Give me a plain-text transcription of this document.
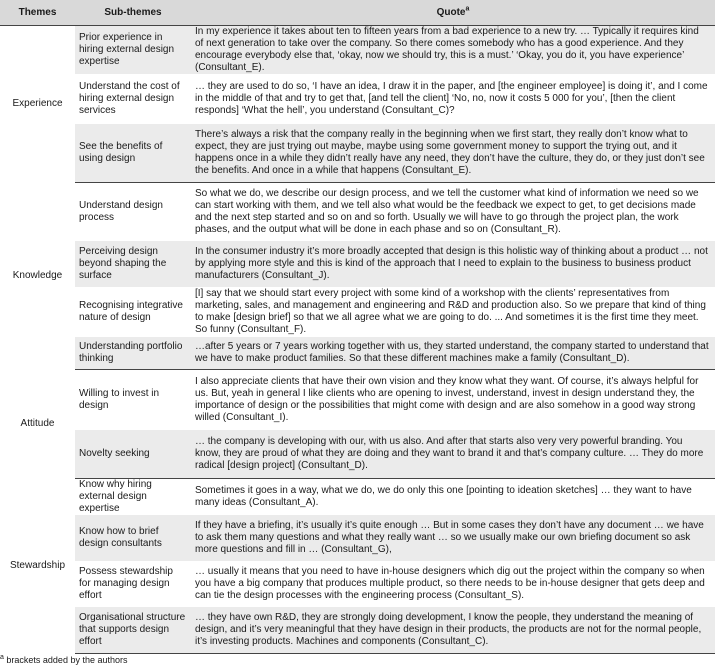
Themes	Sub-themes	Quote$^a$
Experience	Prior experience in hiring external design expertise	In my experience it takes about ten to fifteen years from a bad experience to a new try. … Typically it requires kind of next generation to take over the company. So there comes somebody who has a good experience. And they encourage everybody else that, ‘okay, now we should try, this is a must.’ ‘Okay, you do it, you have experience’ (Consultant_E).

Understand the cost of hiring external design services	… they are used to do so, ‘I have an idea, I draw it in the paper, and [the engineer employee] is doing it’, and I come in the middle of that and try to get that, [and tell the client] ‘No, no, now it costs 5 000 for you’, [then the client responds] ‘What the hell’, you understand (Consultant_C)?

See the benefits of using design	There’s always a risk that the company really in the beginning when we first start, they really don’t know what to expect, they are just trying out maybe, maybe using some government money to support the trying out, and it happens once in a while they didn’t really have any need, they don’t have the culture, they do, or they just don’t see the benefits. And once in a while that happens (Consultant_E).

Knowledge	Understand design process	So what we do, we describe our design process, and we tell the customer what kind of information we need so we can start working with them, and we tell also what would be the feedback we expect to get, to get decisions made and the next step started and so on and so forth. Usually we will have to go through the project plan, the work phases, and the output what will be done in each phase and so on (Consultant_R).

Perceiving design beyond shaping the surface	In the consumer industry it’s more broadly accepted that design is this holistic way of thinking about a product … not by applying more style and this is kind of the approach that I need to explain to the business to business product manufacturers (Consultant_J).

Recognising integrative nature of design	[I] say that we should start every project with some kind of a workshop with the clients’ representatives from marketing, sales, and management and engineering and R&D and production also. So we prepare that kind of thing to make [design brief] so that we all agree what we are going to do. ... And sometimes it is the first time they meet. So funny (Consultant_F).

Understanding portfolio thinking	…after 5 years or 7 years working together with us, they started understand, the company started to understand that we have to make product families. So that these different machines make a family (Consultant_D).

Attitude	Willing to invest in design	I also appreciate clients that have their own vision and they know what they want. Of course, it’s always helpful for us. But, yeah in general I like clients who are opening to invest, understand, invest in design understand they, the importance of design or the possibilities that might come with design and are also somehow in a good way strong willed (Consultant_I).

Novelty seeking	… the company is developing with our, with us also. And after that starts also very very powerful branding. You know, they are proud of what they are doing and they want to brand it and that’s company culture. … They do more radical [design project] (Consultant_D).

Stewardship	Know why hiring external design expertise	Sometimes it goes in a way, what we do, we do only this one [pointing to ideation sketches] … they want to have many ideas (Consultant_A).

Know how to brief design consultants	If they have a briefing, it’s usually it’s quite enough … But in some cases they don’t have any document … we have to ask them many questions and what they really want … so we usually make our own briefing document so ask more questions and fill in … (Consultant_G),

Possess stewardship for managing design effort	… usually it means that you need to have in-house designers which dig out the project within the company so when you have a big company that produces multiple product, so there needs to be in-house designer that gets deep and can tie the design processes with the engineering process (Consultant_S).

Organisational structure that supports design effort	… they have own R&D, they are strongly doing development, I know the people, they understand the meaning of design, and it’s very meaningful that they have design in their products, the products are not for the normal people, it’s investing products. Machines and components (Consultant_C).
$^a$ brackets added by the authors
